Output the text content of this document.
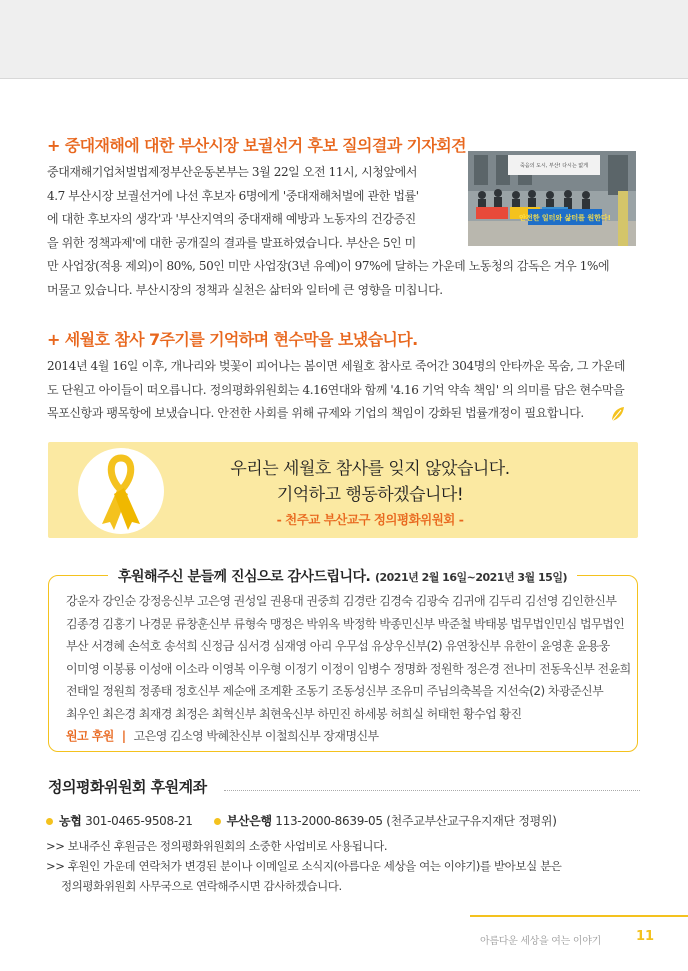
+ 중대재해에 대한 부산시장 보궐선거 후보 질의결과 기자회견
중대재해기업처벌법제정부산운동본부는 3월 22일 오전 11시, 시청앞에서
4.7 부산시장 보궐선거에 나선 후보자 6명에게 '중대재해처벌에 관한 법률'
에 대한 후보자의 생각'과 '부산지역의 중대재해 예방과 노동자의 건강증진
을 위한 정책과제'에 대한 공개질의 결과를 발표하였습니다. 부산은 5인 미
만 사업장(적용 제외)이 80%, 50인 미만 사업장(3년 유예)이 97%에 달하는 가운데 노동청의 감독은 겨우 1%에
머물고 있습니다. 부산시장의 정책과 실천은 삶터와 일터에 큰 영향을 미칩니다.
죽음의 도시, 부산! 다시는 없게
안전한 일터와 삶터를 원한다!
+ 세월호 참사 7주기를 기억하며 현수막을 보냈습니다.
2014년 4월 16일 이후, 개나리와 벚꽃이 피어나는 봄이면 세월호 참사로 죽어간 304명의 안타까운 목숨, 그 가운데
도 단원고 아이들이 떠오릅니다. 정의평화위원회는 4.16연대와 함께 '4.16 기억 약속 책임' 의 의미를 담은 현수막을
목포신항과 팽목항에 보냈습니다. 안전한 사회를 위해 규제와 기업의 책임이 강화된 법률개정이 필요합니다.
우리는 세월호 참사를 잊지 않았습니다.
기억하고 행동하겠습니다!
- 천주교 부산교구 정의평화위원회 -
후원해주신 분들께 진심으로 감사드립니다. (2021년 2월 16일~2021년 3월 15일)
강운자 강인순 강정응신부 고은영 권성일 권용대 권중희 김경란 김경숙 김광숙 김귀애 김두리 김선영 김인한신부
김종경 김홍기 나경문 류창훈신부 류형숙 맹정은 박위옥 박정학 박종민신부 박준철 박태봉 법무법인민심 법무법인
부산 서경혜 손석호 송석희 신정금 심서경 심재영 아리 우무섭 유상우신부(2) 유연창신부 유한이 윤영훈 윤용웅
이미영 이봉룡 이성애 이소라 이영복 이우형 이정기 이정이 임병수 정명화 정원학 정은경 전나미 전동욱신부 전윤희
전태일 정원희 정종태 정호신부 제순애 조계환 조동기 조동성신부 조유미 주님의축복을 지선숙(2) 차광준신부
최우인 최은경 최재경 최정은 최혁신부 최현욱신부 하민진 하세봉 허희실 허태헌 황수업 황진
원고 후원 | 고은영 김소영 박혜찬신부 이철희신부 장재명신부
정의평화위원회 후원계좌
농협 301-0465-9508-21	부산은행 113-2000-8639-05 (천주교부산교구유지재단 정평위)
>> 보내주신 후원금은 정의평화위원회의 소중한 사업비로 사용됩니다.
>> 후원인 가운데 연락처가 변경된 분이나 이메일로 소식지(아름다운 세상을 여는 이야기)를 받아보실 분은
정의평화위원회 사무국으로 연락해주시면 감사하겠습니다.
아름다운 세상을 여는 이야기	11
